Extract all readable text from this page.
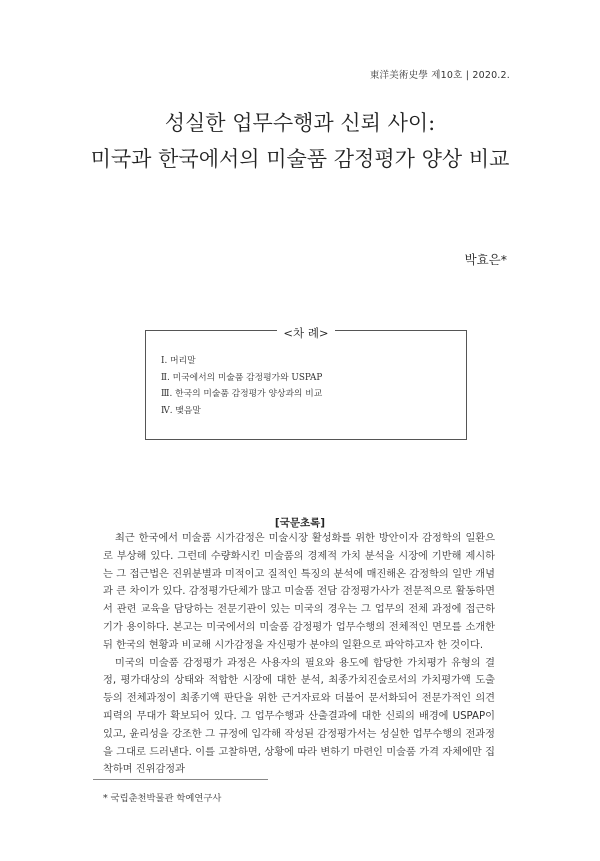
東洋美術史學 제10호 | 2020.2.
성실한 업무수행과 신뢰 사이:
미국과 한국에서의 미술품 감정평가 양상 비교
박효은*
<차 례>
Ⅰ. 머리말
Ⅱ. 미국에서의 미술품 감정평가와 USPAP
Ⅲ. 한국의 미술품 감정평가 양상과의 비교
Ⅳ. 맺음말
[국문초록]

최근 한국에서 미술품 시가감정은 미술시장 활성화를 위한 방안이자 감정학의 일환으로 부상해 있다. 그런데 수량화시킨 미술품의 경제적 가치 분석을 시장에 기반해 제시하는 그 접근법은 진위분별과 미적이고 질적인 특징의 분석에 매진해온 감정학의 일반 개념과 큰 차이가 있다. 감정평가단체가 많고 미술품 전담 감정평가사가 전문적으로 활동하면서 관련 교육을 담당하는 전문기관이 있는 미국의 경우는 그 업무의 전체 과정에 접근하기가 용이하다. 본고는 미국에서의 미술품 감정평가 업무수행의 전체적인 면모를 소개한 뒤 한국의 현황과 비교해 시가감정을 자신평가 분야의 일환으로 파악하고자 한 것이다.

미국의 미술품 감정평가 과정은 사용자의 필요와 용도에 합당한 가치평가 유형의 결정, 평가대상의 상태와 적합한 시장에 대한 분석, 최종가치진술로서의 가치평가액 도출 등의 전체과정이 최종기액 판단을 위한 근거자료와 더불어 문서화되어 전문가적인 의견 피력의 무대가 확보되어 있다. 그 업무수행과 산출결과에 대한 신뢰의 배경에 USPAP이 있고, 윤리성을 강조한 그 규정에 입각해 작성된 감정평가서는 성실한 업무수행의 전과정을 그대로 드러낸다. 이를 고찰하면, 상황에 따라 변하기 마련인 미술품 가격 자체에만 집착하며 진위감정과

* 국립춘천박물관 학예연구사
